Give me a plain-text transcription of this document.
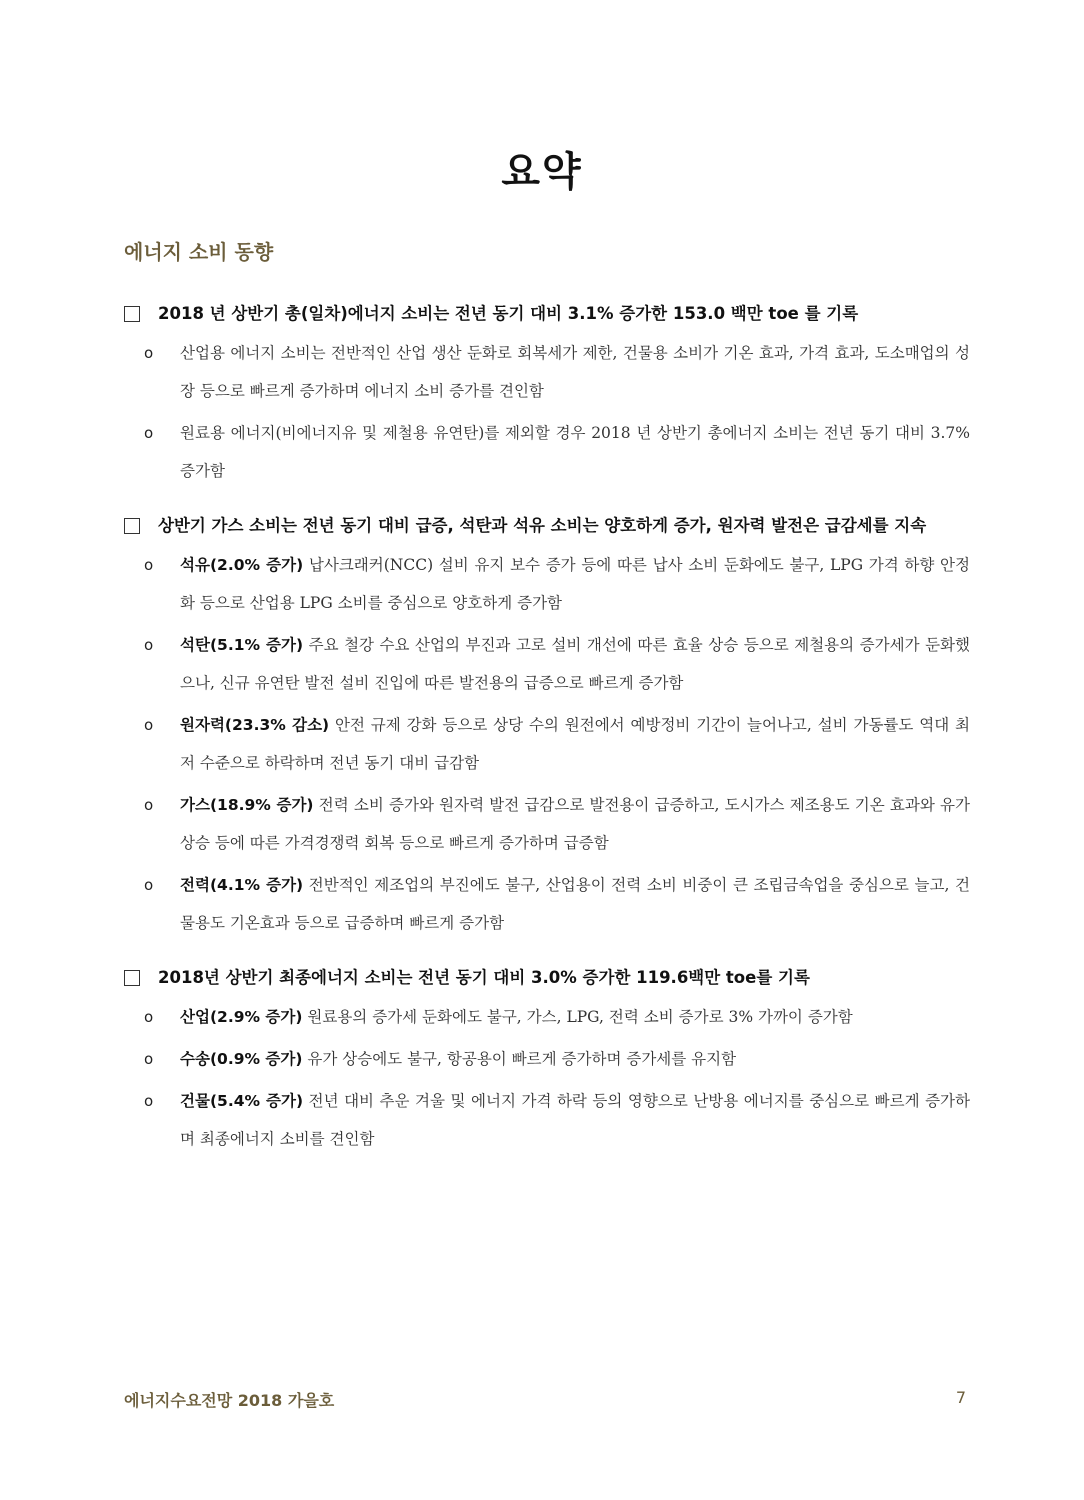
요약
에너지 소비 동향
2018 년 상반기 총(일차)에너지 소비는 전년 동기 대비 3.1% 증가한 153.0 백만 toe 를 기록
o	산업용 에너지 소비는 전반적인 산업 생산 둔화로 회복세가 제한, 건물용 소비가 기온 효과, 가격 효과, 도소매업의 성장 등으로 빠르게 증가하며 에너지 소비 증가를 견인함
o	원료용 에너지(비에너지유 및 제철용 유연탄)를 제외할 경우 2018 년 상반기 총에너지 소비는 전년 동기 대비 3.7% 증가함
상반기 가스 소비는 전년 동기 대비 급증, 석탄과 석유 소비는 양호하게 증가, 원자력 발전은 급감세를 지속
o	석유(2.0% 증가) 납사크래커(NCC) 설비 유지 보수 증가 등에 따른 납사 소비 둔화에도 불구, LPG 가격 하향 안정화 등으로 산업용 LPG 소비를 중심으로 양호하게 증가함
o	석탄(5.1% 증가) 주요 철강 수요 산업의 부진과 고로 설비 개선에 따른 효율 상승 등으로 제철용의 증가세가 둔화했으나, 신규 유연탄 발전 설비 진입에 따른 발전용의 급증으로 빠르게 증가함
o	원자력(23.3% 감소) 안전 규제 강화 등으로 상당 수의 원전에서 예방정비 기간이 늘어나고, 설비 가동률도 역대 최저 수준으로 하락하며 전년 동기 대비 급감함
o	가스(18.9% 증가) 전력 소비 증가와 원자력 발전 급감으로 발전용이 급증하고, 도시가스 제조용도 기온 효과와 유가 상승 등에 따른 가격경쟁력 회복 등으로 빠르게 증가하며 급증함
o	전력(4.1% 증가) 전반적인 제조업의 부진에도 불구, 산업용이 전력 소비 비중이 큰 조립금속업을 중심으로 늘고, 건물용도 기온효과 등으로 급증하며 빠르게 증가함
2018년 상반기 최종에너지 소비는 전년 동기 대비 3.0% 증가한 119.6백만 toe를 기록
o	산업(2.9% 증가) 원료용의 증가세 둔화에도 불구, 가스, LPG, 전력 소비 증가로 3% 가까이 증가함
o	수송(0.9% 증가) 유가 상승에도 불구, 항공용이 빠르게 증가하며 증가세를 유지함
o	건물(5.4% 증가) 전년 대비 추운 겨울 및 에너지 가격 하락 등의 영향으로 난방용 에너지를 중심으로 빠르게 증가하며 최종에너지 소비를 견인함
에너지수요전망 2018 가을호	7
